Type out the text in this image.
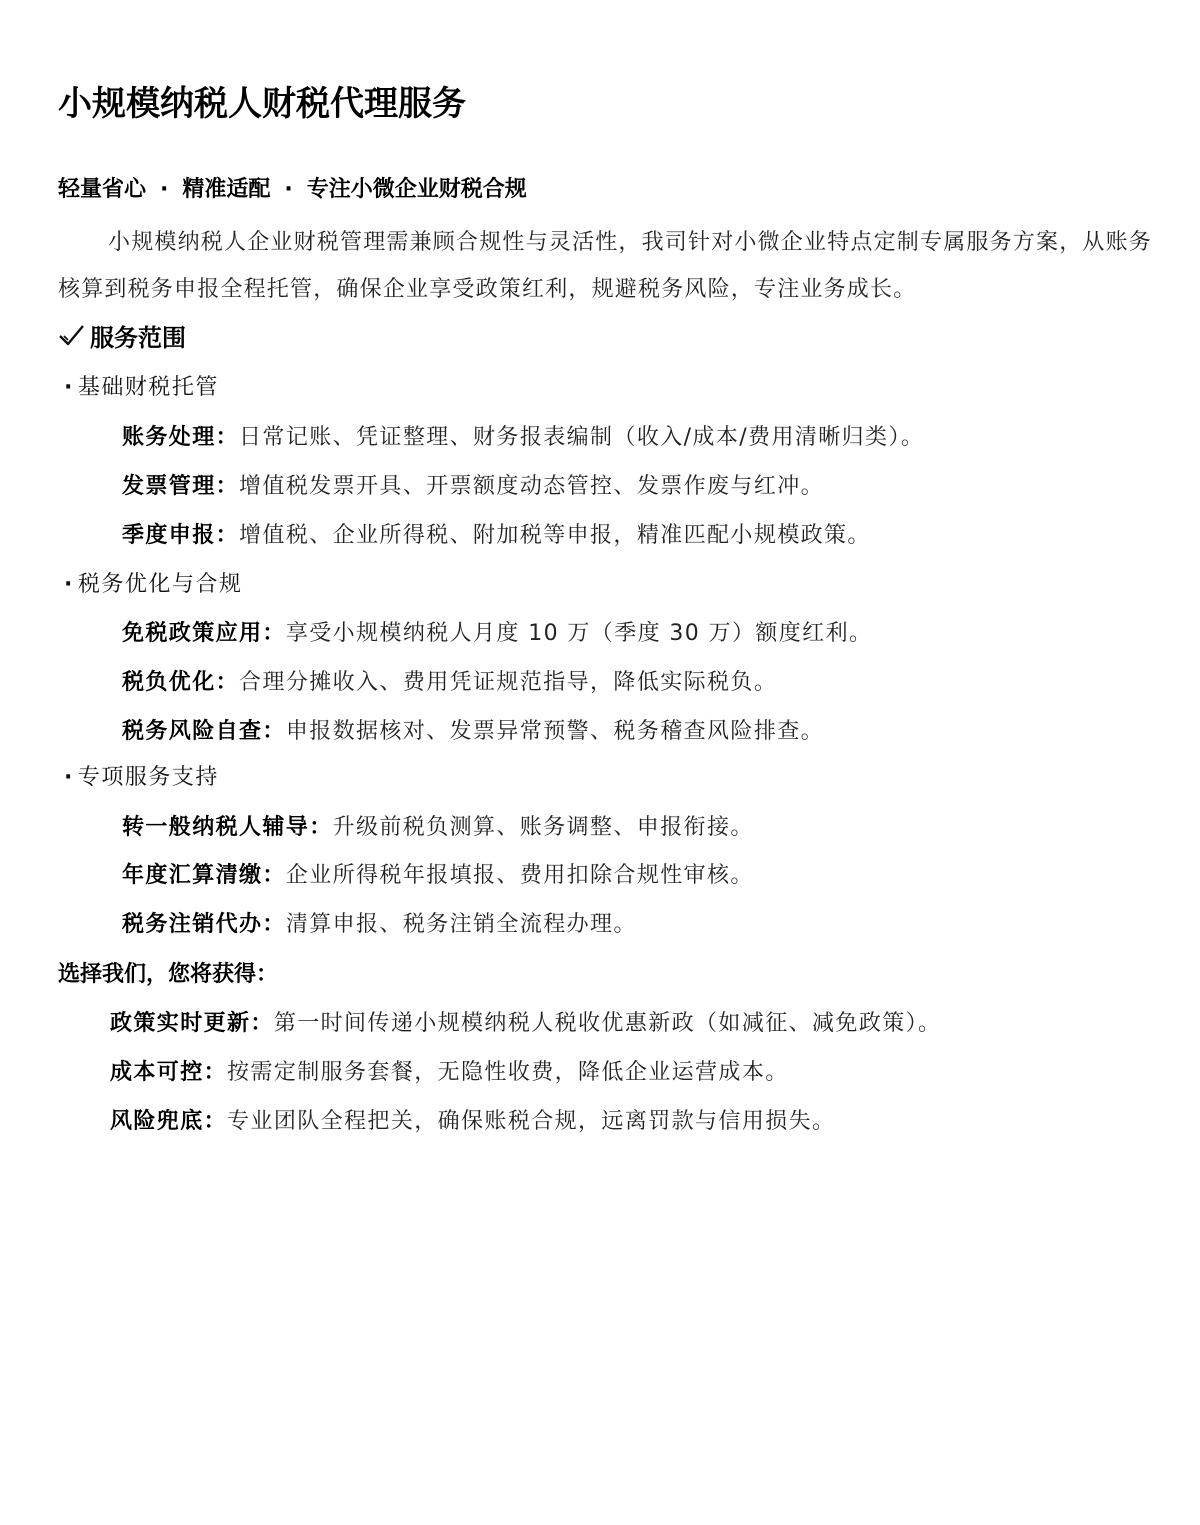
小规模纳税人财税代理服务
轻量省心 · 精准适配 · 专注小微企业财税合规

小规模纳税人企业财税管理需兼顾合规性与灵活性，我司针对小微企业特点定制专属服务方案，从账务核算到税务申报全程托管，确保企业享受政策红利，规避税务风险，专注业务成长。

服务范围
· 基础财税托管
账务处理：日常记账、凭证整理、财务报表编制（收入/成本/费用清晰归类）。
发票管理：增值税发票开具、开票额度动态管控、发票作废与红冲。
季度申报：增值税、企业所得税、附加税等申报，精准匹配小规模政策。
· 税务优化与合规
免税政策应用：享受小规模纳税人月度 10 万（季度 30 万）额度红利。
税负优化：合理分摊收入、费用凭证规范指导，降低实际税负。
税务风险自查：申报数据核对、发票异常预警、税务稽查风险排查。
· 专项服务支持
转一般纳税人辅导：升级前税负测算、账务调整、申报衔接。
年度汇算清缴：企业所得税年报填报、费用扣除合规性审核。
税务注销代办：清算申报、税务注销全流程办理。
选择我们，您将获得：
政策实时更新：第一时间传递小规模纳税人税收优惠新政（如减征、减免政策）。
成本可控：按需定制服务套餐，无隐性收费，降低企业运营成本。
风险兜底：专业团队全程把关，确保账税合规，远离罚款与信用损失。
